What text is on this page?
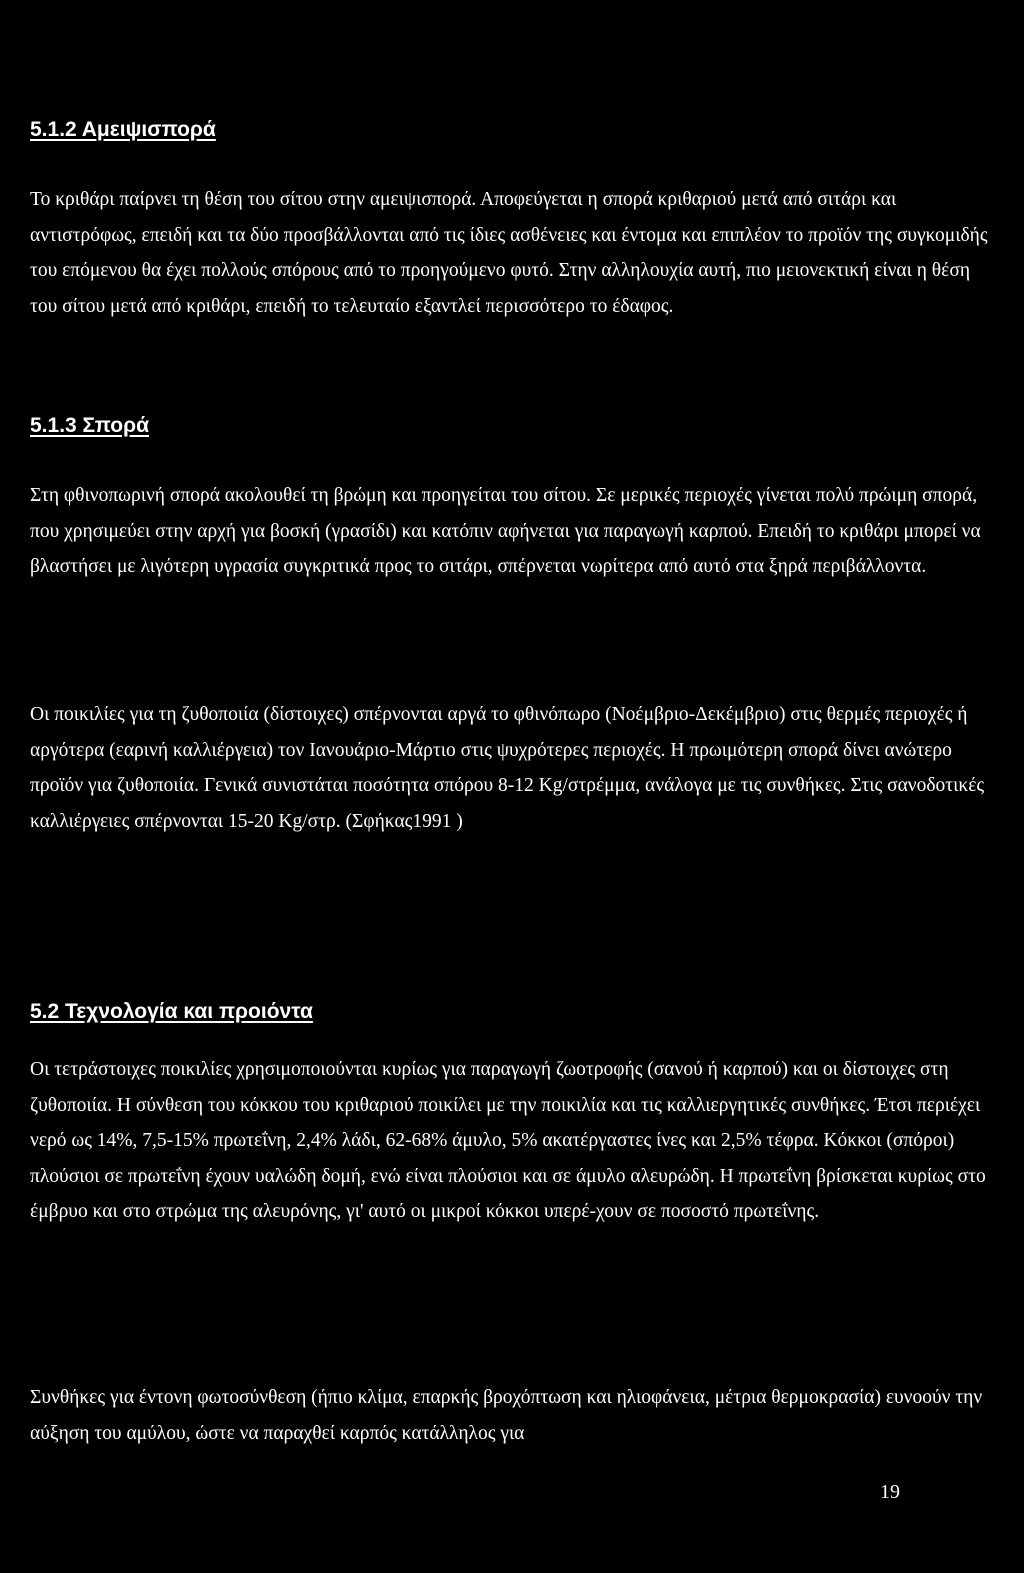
5.1.2 Αμειψισπορά

Το κριθάρι παίρνει τη θέση του σίτου στην αμειψισπορά. Αποφεύγεται η σπορά κριθαριού μετά από σιτάρι και αντιστρόφως, επειδή και τα δύο προσβάλλονται από τις ίδιες ασθένειες και έντομα και επιπλέον το προϊόν της συγκομιδής του επόμενου θα έχει πολλούς σπόρους από το προηγούμενο φυτό. Στην αλληλουχία αυτή, πιο μειονεκτική είναι η θέση του σίτου μετά από κριθάρι, επειδή το τελευταίο εξαντλεί περισσότερο το έδαφος.

5.1.3 Σπορά

Στη φθινοπωρινή σπορά ακολουθεί τη βρώμη και προηγείται του σίτου. Σε μερικές περιοχές γίνεται πολύ πρώιμη σπορά, που χρησιμεύει στην αρχή για βοσκή (γρασίδι) και κατόπιν αφήνεται για παραγωγή καρπού. Επειδή το κριθάρι μπορεί να βλαστήσει με λιγότερη υγρασία συγκριτικά προς το σιτάρι, σπέρνεται νωρίτερα από αυτό στα ξηρά περιβάλλοντα.

Οι ποικιλίες για τη ζυθοποιία (δίστοιχες) σπέρνονται αργά το φθινόπωρο (Νοέμβριο-Δεκέμβριο) στις θερμές περιοχές ή αργότερα (εαρινή καλλιέργεια) τον Ιανουάριο-Μάρτιο στις ψυχρότερες περιοχές. Η πρωιμότερη σπορά δίνει ανώτερο προϊόν για ζυθοποιία. Γενικά συνιστάται ποσότητα σπόρου 8-12 Kg/στρέμμα, ανάλογα με τις συνθήκες. Στις σανοδοτικές καλλιέργειες σπέρνονται 15-20 Kg/στρ. (Σφήκας1991 )

5.2 Τεχνολογία και προιόντα

Οι τετράστοιχες ποικιλίες χρησιμοποιούνται κυρίως για παραγωγή ζωοτροφής (σανού ή καρπού) και οι δίστοιχες στη ζυθοποιία. Η σύνθεση του κόκκου του κριθαριού ποικίλει με την ποικιλία και τις καλλιεργητικές συνθήκες. Έτσι περιέχει νερό ως 14%, 7,5-15% πρωτεΐνη, 2,4% λάδι, 62-68% άμυλο, 5% ακατέργαστες ίνες και 2,5% τέφρα. Κόκκοι (σπόροι) πλούσιοι σε πρωτεΐνη έχουν υαλώδη δομή, ενώ είναι πλούσιοι και σε άμυλο αλευρώδη. Η πρωτεΐνη βρίσκεται κυρίως στο έμβρυο και στο στρώμα της αλευρόνης, γι' αυτό οι μικροί κόκκοι υπερέ-χουν σε ποσοστό πρωτεΐνης.

Συνθήκες για έντονη φωτοσύνθεση (ήπιο κλίμα, επαρκής βροχόπτωση και ηλιοφάνεια, μέτρια θερμοκρασία) ευνοούν την αύξηση του αμύλου, ώστε να παραχθεί καρπός κατάλληλος για

19
